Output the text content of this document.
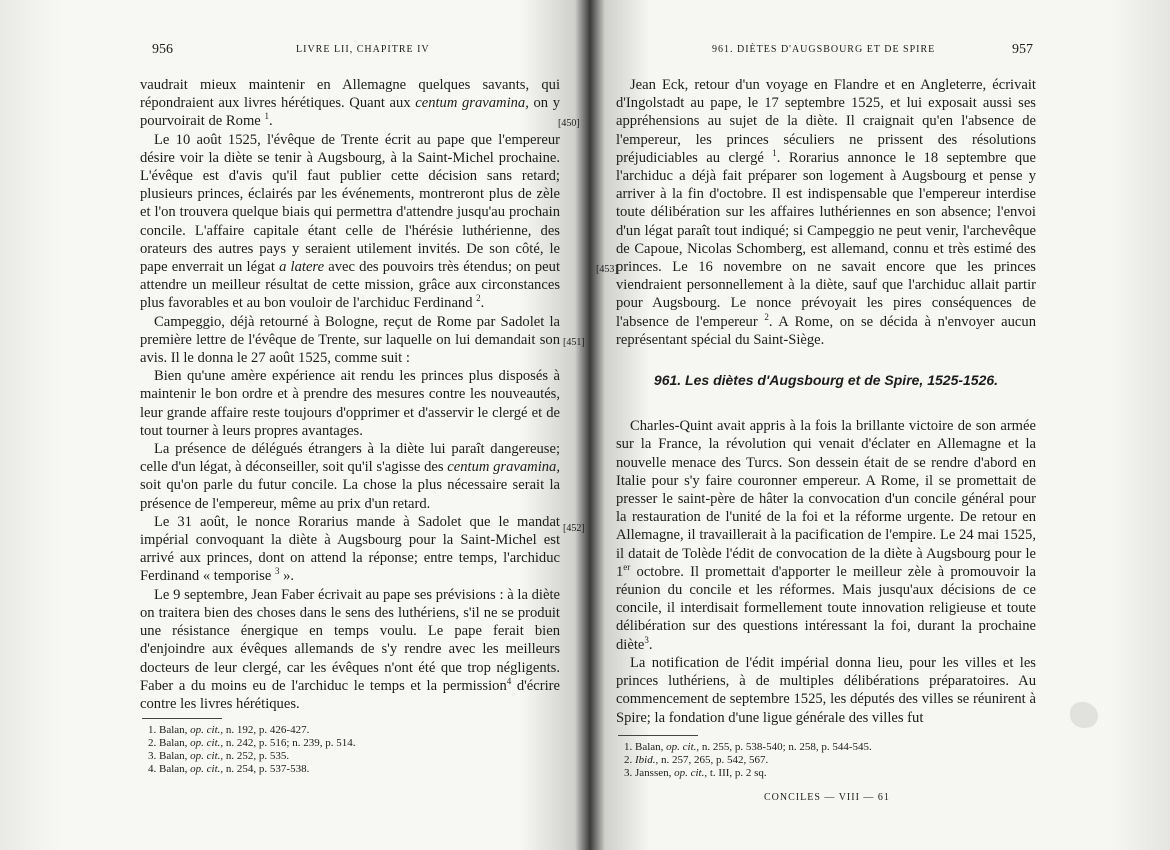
956	LIVRE LII, CHAPITRE IV
[450]
[451]
[452]

vaudrait mieux maintenir en Allemagne quelques savants, qui répondraient aux livres hérétiques. Quant aux centum gravamina, on y pourvoirait de Rome $^1$.

Le 10 août 1525, l'évêque de Trente écrit au pape que l'empereur désire voir la diète se tenir à Augsbourg, à la Saint-Michel prochaine. L'évêque est d'avis qu'il faut publier cette décision sans retard; plusieurs princes, éclairés par les événements, montreront plus de zèle et l'on trouvera quelque biais qui permettra d'attendre jusqu'au prochain concile. L'affaire capitale étant celle de l'hérésie luthérienne, des orateurs des autres pays y seraient utilement invités. De son côté, le pape enverrait un légat a latere avec des pouvoirs très étendus; on peut attendre un meilleur résultat de cette mission, grâce aux circonstances plus favorables et au bon vouloir de l'archiduc Ferdinand $^2$.

Campeggio, déjà retourné à Bologne, reçut de Rome par Sadolet la première lettre de l'évêque de Trente, sur laquelle on lui demandait son avis. Il le donna le 27 août 1525, comme suit :

Bien qu'une amère expérience ait rendu les princes plus disposés à maintenir le bon ordre et à prendre des mesures contre les nouveautés, leur grande affaire reste toujours d'opprimer et d'asservir le clergé et de tout tourner à leurs propres avantages.

La présence de délégués étrangers à la diète lui paraît dangereuse; celle d'un légat, à déconseiller, soit qu'il s'agisse des centum gravamina, soit qu'on parle du futur concile. La chose la plus nécessaire serait la présence de l'empereur, même au prix d'un retard.

Le 31 août, le nonce Rorarius mande à Sadolet que le mandat impérial convoquant la diète à Augsbourg pour la Saint-Michel est arrivé aux princes, dont on attend la réponse; entre temps, l'archiduc Ferdinand « temporise $^3$ ».

Le 9 septembre, Jean Faber écrivait au pape ses prévisions : à la diète on traitera bien des choses dans le sens des luthériens, s'il ne se produit une résistance énergique en temps voulu. Le pape ferait bien d'enjoindre aux évêques allemands de s'y rendre avec les meilleurs docteurs de leur clergé, car les évêques n'ont été que trop négligents. Faber a du moins eu de l'archiduc le temps et la permission$^4$ d'écrire contre les livres hérétiques.

1. Balan, op. cit., n. 192, p. 426-427.
2. Balan, op. cit., n. 242, p. 516; n. 239, p. 514.
3. Balan, op. cit., n. 252, p. 535.
4. Balan, op. cit., n. 254, p. 537-538.
961. DIÈTES D'AUGSBOURG ET DE SPIRE	957
[453]

Jean Eck, retour d'un voyage en Flandre et en Angleterre, écrivait d'Ingolstadt au pape, le 17 septembre 1525, et lui exposait aussi ses appréhensions au sujet de la diète. Il craignait qu'en l'absence de l'empereur, les princes séculiers ne prissent des résolutions préjudiciables au clergé $^1$. Rorarius annonce le 18 septembre que l'archiduc a déjà fait préparer son logement à Augsbourg et pense y arriver à la fin d'octobre. Il est indispensable que l'empereur interdise toute délibération sur les affaires luthériennes en son absence; l'envoi d'un légat paraît tout indiqué; si Campeggio ne peut venir, l'archevêque de Capoue, Nicolas Schomberg, est allemand, connu et très estimé des princes. Le 16 novembre on ne savait encore que les princes viendraient personnellement à la diète, sauf que l'archiduc allait partir pour Augsbourg. Le nonce prévoyait les pires conséquences de l'absence de l'empereur $^2$. A Rome, on se décida à n'envoyer aucun représentant spécial du Saint-Siège.

961. Les diètes d'Augsbourg et de Spire, 1525-1526.

Charles-Quint avait appris à la fois la brillante victoire de son armée sur la France, la révolution qui venait d'éclater en Allemagne et la nouvelle menace des Turcs. Son dessein était de se rendre d'abord en Italie pour s'y faire couronner empereur. A Rome, il se promettait de presser le saint-père de hâter la convocation d'un concile général pour la restauration de l'unité de la foi et la réforme urgente. De retour en Allemagne, il travaillerait à la pacification de l'empire. Le 24 mai 1525, il datait de Tolède l'édit de convocation de la diète à Augsbourg pour le 1er octobre. Il promettait d'apporter le meilleur zèle à promouvoir la réunion du concile et les réformes. Mais jusqu'aux décisions de ce concile, il interdisait formellement toute innovation religieuse et toute délibération sur des questions intéressant la foi, durant la prochaine diète$^3$.

La notification de l'édit impérial donna lieu, pour les villes et les princes luthériens, à de multiples délibérations préparatoires. Au commencement de septembre 1525, les députés des villes se réunirent à Spire; la fondation d'une ligue générale des villes fut

1. Balan, op. cit., n. 255, p. 538-540; n. 258, p. 544-545.
2. Ibid., n. 257, 265, p. 542, 567.
3. Janssen, op. cit., t. III, p. 2 sq.
CONCILES — VIII — 61
